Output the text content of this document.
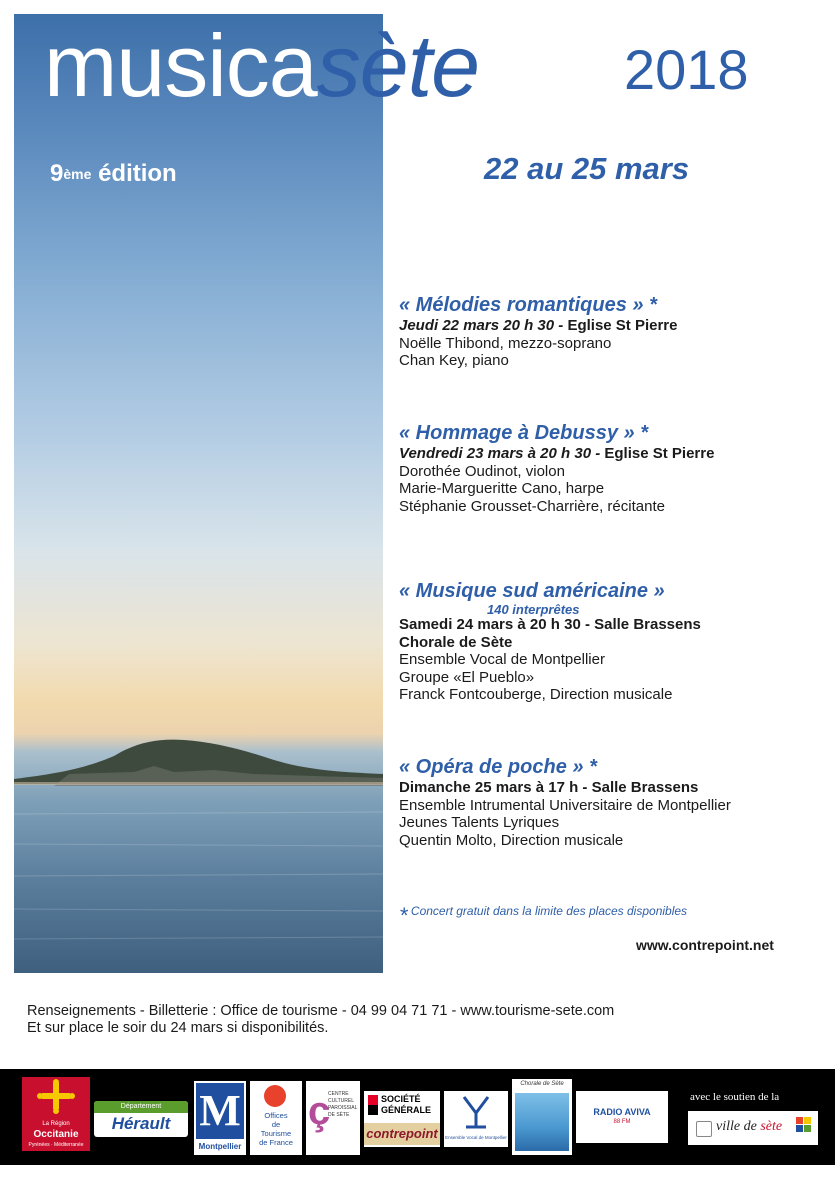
musicasète	2018
9ème édition	22 au 25 mars
« Mélodies romantiques » *
Jeudi 22 mars 20 h 30 - Eglise St Pierre
Noëlle Thibond, mezzo-soprano
Chan Key, piano
« Hommage à Debussy » *
Vendredi 23 mars à 20 h 30 - Eglise St Pierre
Dorothée Oudinot, violon
Marie-Margueritte Cano, harpe
Stéphanie Grousset-Charrière, récitante
« Musique sud américaine »
140 interprêtes
Samedi 24 mars à 20 h 30 - Salle Brassens
Chorale de Sète
Ensemble Vocal de Montpellier
Groupe «El Pueblo»
Franck Fontcouberge, Direction musicale
« Opéra de poche » *
Dimanche 25 mars à 17 h - Salle Brassens
Ensemble Intrumental Universitaire de Montpellier
Jeunes Talents Lyriques
Quentin Molto, Direction musicale
* Concert gratuit dans la limite des places disponibles
www.contrepoint.net
Renseignements - Billetterie : Office de tourisme - 04 99 04 71 71 - www.tourisme-sete.com
Et sur place le soir du 24 mars si disponibilités.
La Région
Occitanie
Pyrénées · Méditerranée
Département
Hérault M
Montpellier
Offices
de
Tourisme
de France
ç
CENTRE
CULTUREL
PAROISSIAL
DE SÈTE
SOCIÉTÉ
GÉNÉRALE
contrepoint	Ensemble Vocal de Montpellier
Chorale de Sète
RADIO AVIVA
88 FM
avec le soutien de la
ville de sète
